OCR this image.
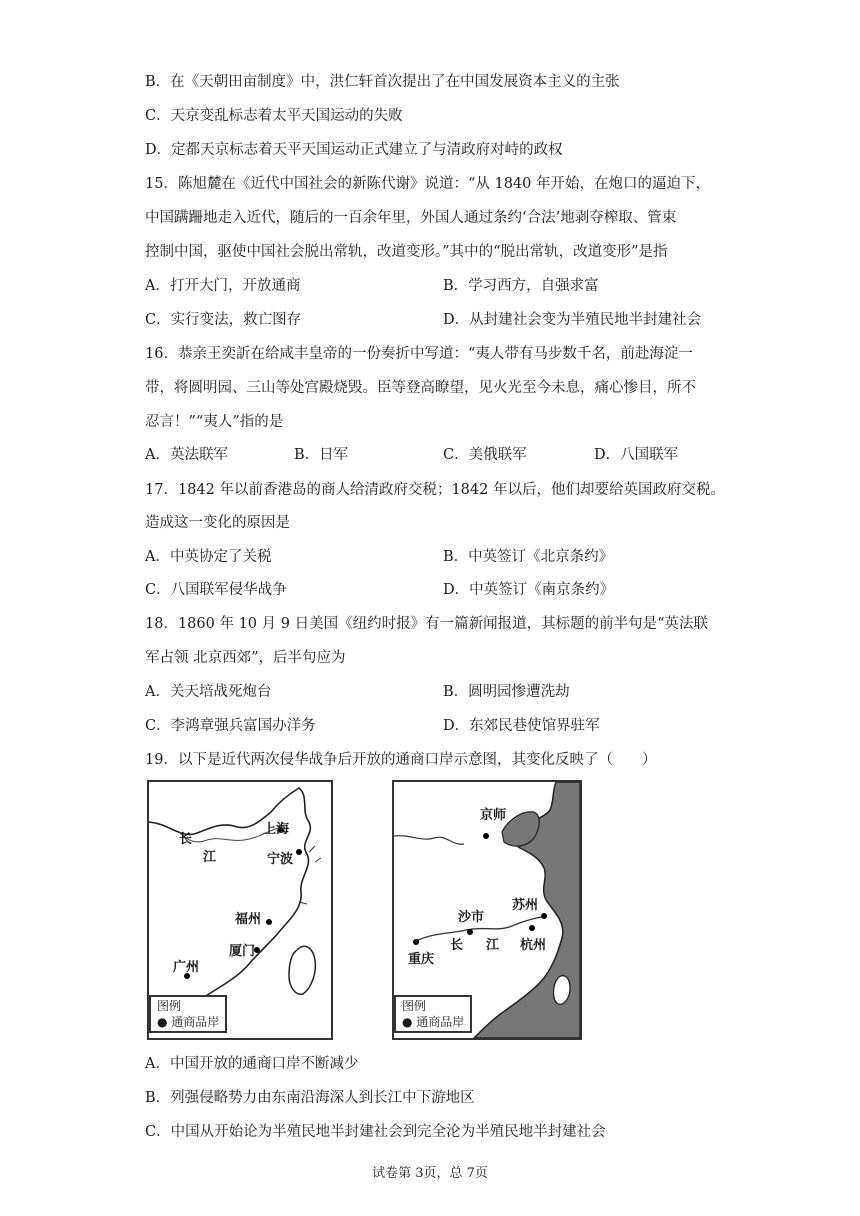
B．在《天朝田亩制度》中，洪仁轩首次提出了在中国发展资本主义的主张
C．天京变乱标志着太平天国运动的失败
D．定都天京标志着天平天国运动正式建立了与清政府对峙的政权
15．陈旭麓在《近代中国社会的新陈代谢》说道：“从 1840 年开始，在炮口的逼迫下，
中国蹒跚地走入近代，随后的一百余年里，外国人通过条约‘合法’地剥夺榨取、管束
控制中国，驱使中国社会脱出常轨，改道变形。”其中的“脱出常轨，改道变形”是指
A．打开大门，开放通商	B．学习西方，自强求富
C．实行变法，救亡图存	D．从封建社会变为半殖民地半封建社会
16．恭亲王奕訢在给咸丰皇帝的一份奏折中写道：“夷人带有马步数千名，前赴海淀一
带，将圆明园、三山等处宫殿烧毁。臣等登高瞭望，见火光至今未息，痛心惨目，所不
忍言！”“夷人”指的是
A．英法联军	B．日军	C．美俄联军	D．八国联军
17．1842 年以前香港岛的商人给清政府交税；1842 年以后，他们却要给英国政府交税。
造成这一变化的原因是
A．中英协定了关税	B．中英签订《北京条约》
C．八国联军侵华战争	D．中英签订《南京条约》
18．1860 年 10 月 9 日美国《纽约时报》有一篇新闻报道，其标题的前半句是“英法联
军占领 北京西郊”，后半句应为
A．关天培战死炮台	B．圆明园惨遭洗劫
C．李鸿章强兵富国办洋务	D．东郊民巷使馆界驻军
19．以下是近代两次侵华战争后开放的通商口岸示意图，其变化反映了（　　）
长
江
上海
宁波
福州
厦门
广州
图例
● 通商品岸
京师
苏州
沙市
长 江 杭州
重庆
图例
● 通商品岸
A．中国开放的通商口岸不断减少
B．列强侵略势力由东南沿海深人到长江中下游地区
C．中国从开始论为半殖民地半封建社会到完全沦为半殖民地半封建社会
试卷第 3页，总 7页
